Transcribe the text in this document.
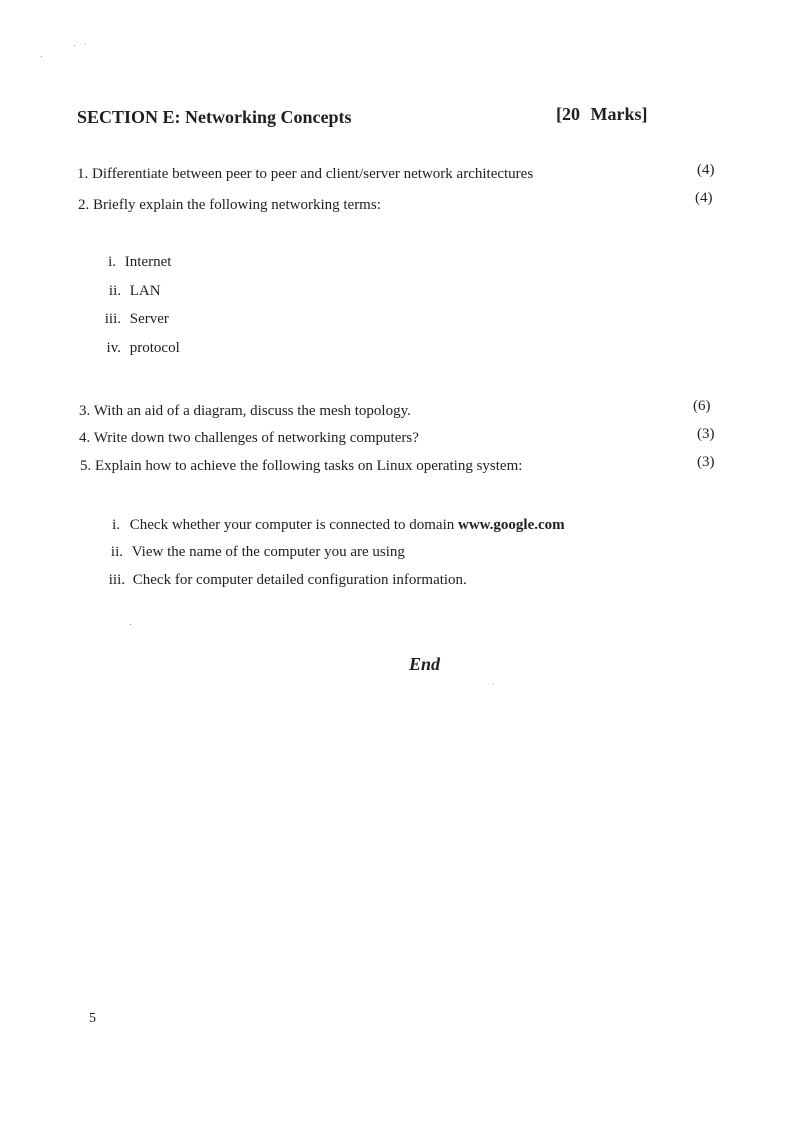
SECTION E: Networking Concepts	[20 Marks]
1. Differentiate between peer to peer and client/server network architectures	(4)
2. Briefly explain the following networking terms:	(4)
i. Internet
ii. LAN
iii. Server
iv. protocol
3. With an aid of a diagram, discuss the mesh topology.	(6)
4. Write down two challenges of networking computers?	(3)
5. Explain how to achieve the following tasks on Linux operating system:	(3)
i. Check whether your computer is connected to domain www.google.com
ii. View the name of the computer you are using
iii. Check for computer detailed configuration information.
End
5
